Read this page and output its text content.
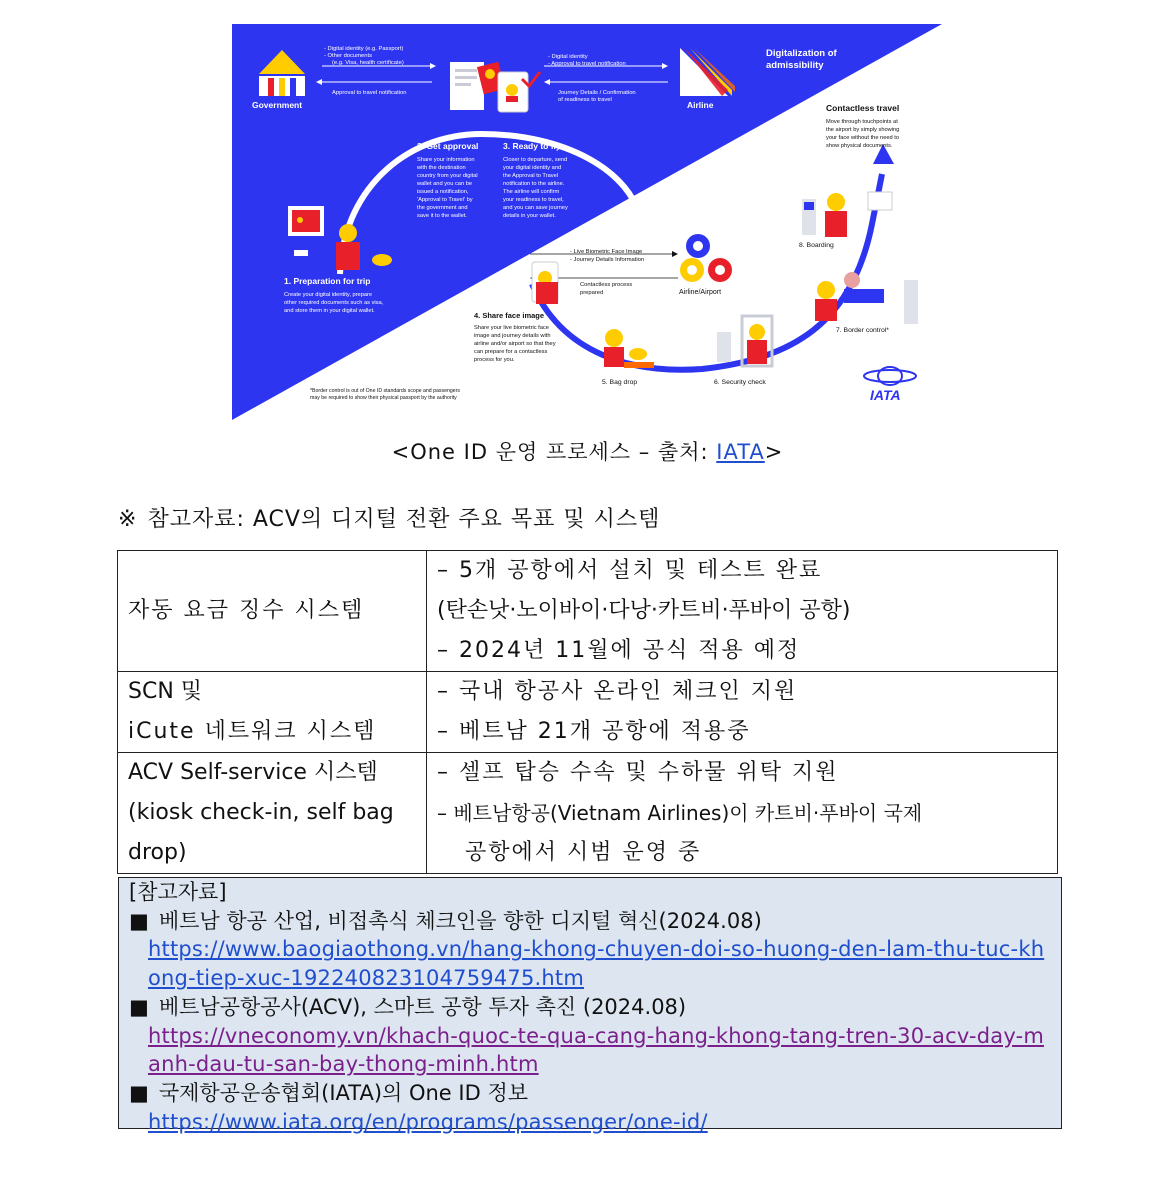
Digitalization of
admissibility
Government
- Digital identity (e.g. Passport)
- Other documents
(e.g. Visa, health certificate)
Approval to travel notification
- Digital identity
- Approval to travel notification
Journey Details / Confirmation
of readiness to travel	Airline
2. Get approval
Share your information with the destination country from your digital wallet and you can be issued a notification, 'Approval to Travel' by the government and save it to the wallet.
3. Ready to fly
Closer to departure, send your digital identity and the Approval to Travel notification to the airline. The airline will confirm your readiness to travel, and you can save journey details in your wallet.
1. Preparation for trip
Create your digital identity, prepare other required documents such as visa, and store them in your digital wallet.
Contactless travel
Move through touchpoints at the airport by simply showing your face without the need to show physical documents.
8. Boarding
- Live Biometric Face Image
- Journey Details Information
Contactless process
prepared	Airline/Airport
4. Share face image
Share your live biometric face image and journey details with airline and/or airport so that they can prepare for a contactless process for you.
5. Bag drop	6. Security check
7. Border control*
IATA
*Border control is out of One ID standards scope and passengers may be required to show their physical passport by the authority
<One ID 운영 프로세스 – 출처: IATA>
※ 참고자료: ACV의 디지털 전환 주요 목표 및 시스템
자동 요금 징수 시스템	– 5개 공항에서 설치 및 테스트 완료
(탄손낫·노이바이·다낭·카트비·푸바이 공항)
– 2024년 11월에 공식 적용 예정

SCN 및
iCute 네트워크 시스템	– 국내 항공사 온라인 체크인 지원
– 베트남 21개 공항에 적용중

ACV Self-service 시스템
(kiosk check-in, self bag
drop)	– 셀프 탑승 수속 및 수하물 위탁 지원
– 베트남항공(Vietnam Airlines)이 카트비·푸바이 국제
공항에서 시범 운영 중
[참고자료]
■ 베트남 항공 산업, 비접촉식 체크인을 향한 디지털 혁신(2024.08)
https://www.baogiaothong.vn/hang-khong-chuyen-doi-so-huong-den-lam-thu-tuc-khong-tiep-xuc-192240823104759475.htm
■ 베트남공항공사(ACV), 스마트 공항 투자 촉진 (2024.08)
https://vneconomy.vn/khach-quoc-te-qua-cang-hang-khong-tang-tren-30-acv-day-manh-dau-tu-san-bay-thong-minh.htm
■ 국제항공운송협회(IATA)의 One ID 정보
https://www.iata.org/en/programs/passenger/one-id/
